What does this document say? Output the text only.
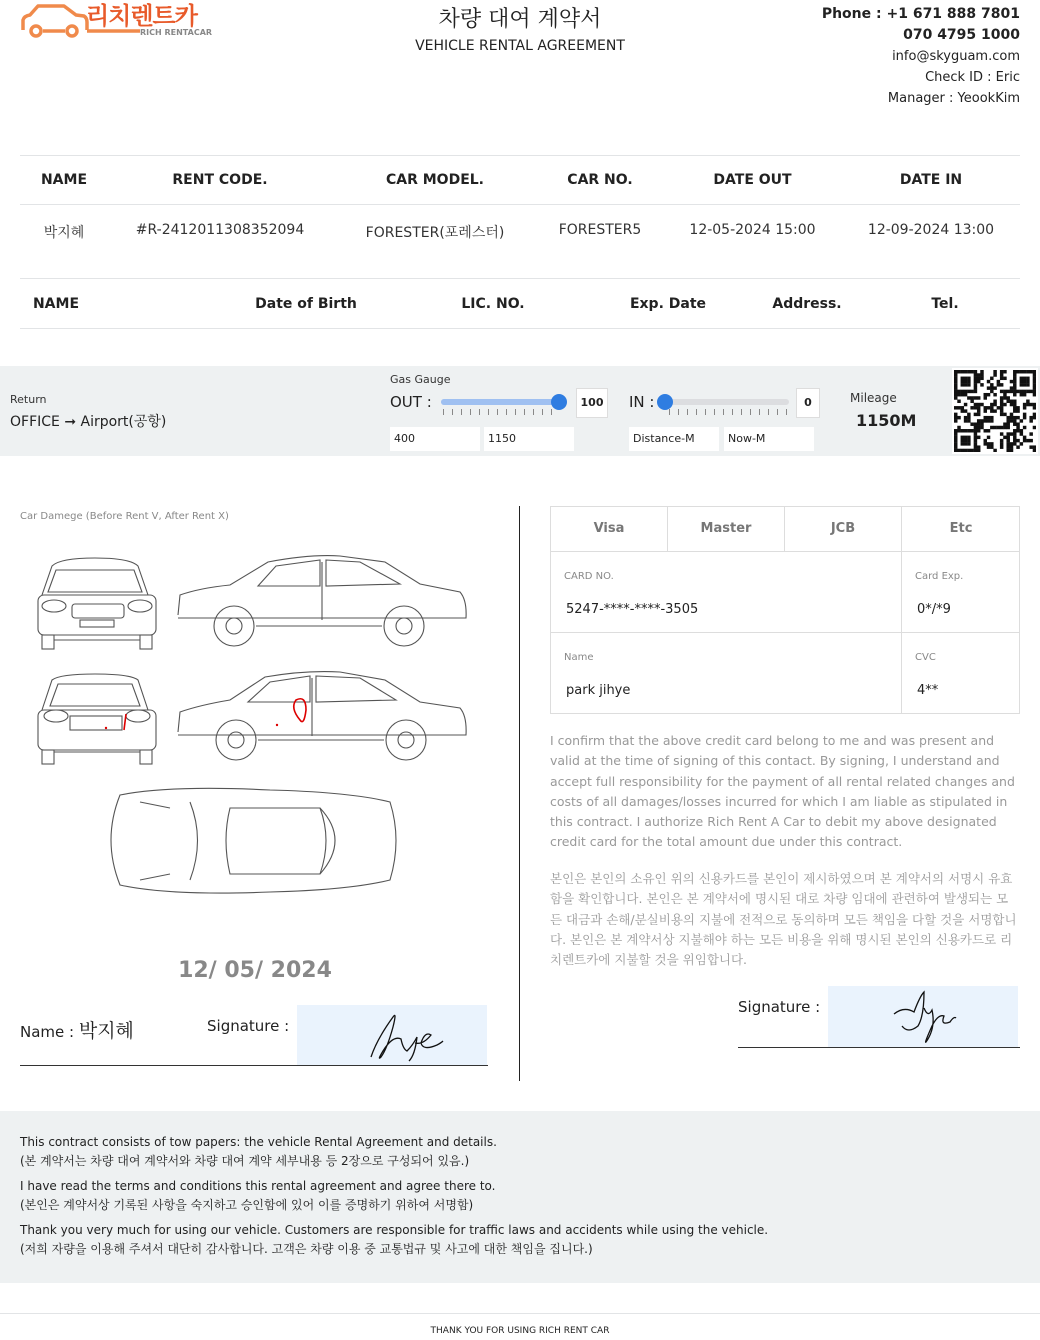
리치렌트카
RICH RENTACAR
차량 대여 계약서
VEHICLE RENTAL AGREEMENT
Phone : +1 671 888 7801
070 4795 1000
info@skyguam.com
Check ID : Eric
Manager : YeookKim
NAME	RENT CODE.	CAR MODEL.	CAR NO.	DATE OUT	DATE IN
박지혜	#R-2412011308352094	FORESTER(포레스터)	FORESTER5	12-05-2024 15:00	12-09-2024 13:00
NAME	Date of Birth	LIC. NO.	Exp. Date	Address.	Tel.
Return
OFFICE ➞ Airport(공항)
Gas Gauge
OUT :	100	IN :	0
400	1150	Distance-M	Now-M
Mileage
1150M
Car Damege (Before Rent V, After Rent X)
12/ 05/ 2024
Name : 박지혜	Signature :
Visa	Master	JCB	Etc
CARD NO.
5247-****-****-3505
Card Exp.
0*/*9
Name
park jihye
CVC
4**
I confirm that the above credit card belong to me and was present and valid at the time of signing of this contact. By signing, I understand and accept full responsibility for the payment of all rental related changes and costs of all damages/losses incurred for which I am liable as stipulated in this contract. I authorize Rich Rent A Car to debit my above designated credit card for the total amount due under this contract.
본인은 본인의 소유인 위의 신용카드를 본인이 제시하였으며 본 계약서의 서명시 유효함을 확인합니다. 본인은 본 계약서에 명시된 대로 차량 임대에 관련하여 발생되는 모든 대금과 손해/분실비용의 지불에 전적으로 동의하며 모든 책임을 다할 것을 서명합니다. 본인은 본 계약서상 지불해야 하는 모든 비용을 위해 명시된 본인의 신용카드로 리치렌트카에 지불할 것을 위임합니다.
Signature :
This contract consists of tow papers: the vehicle Rental Agreement and details.
(본 계약서는 차량 대여 계약서와 차량 대여 계약 세부내용 등 2장으로 구성되어 있음.)
I have read the terms and conditions this rental agreement and agree there to.
(본인은 계약서상 기록된 사항을 숙지하고 승인함에 있어 이를 증명하기 위하여 서명함)
Thank you very much for using our vehicle. Customers are responsible for traffic laws and accidents while using the vehicle.
(저희 자량을 이용해 주셔서 대단히 감사합니다. 고객은 차량 이용 중 교통법규 및 사고에 대한 책임을 집니다.)
THANK YOU FOR USING RICH RENT CAR
